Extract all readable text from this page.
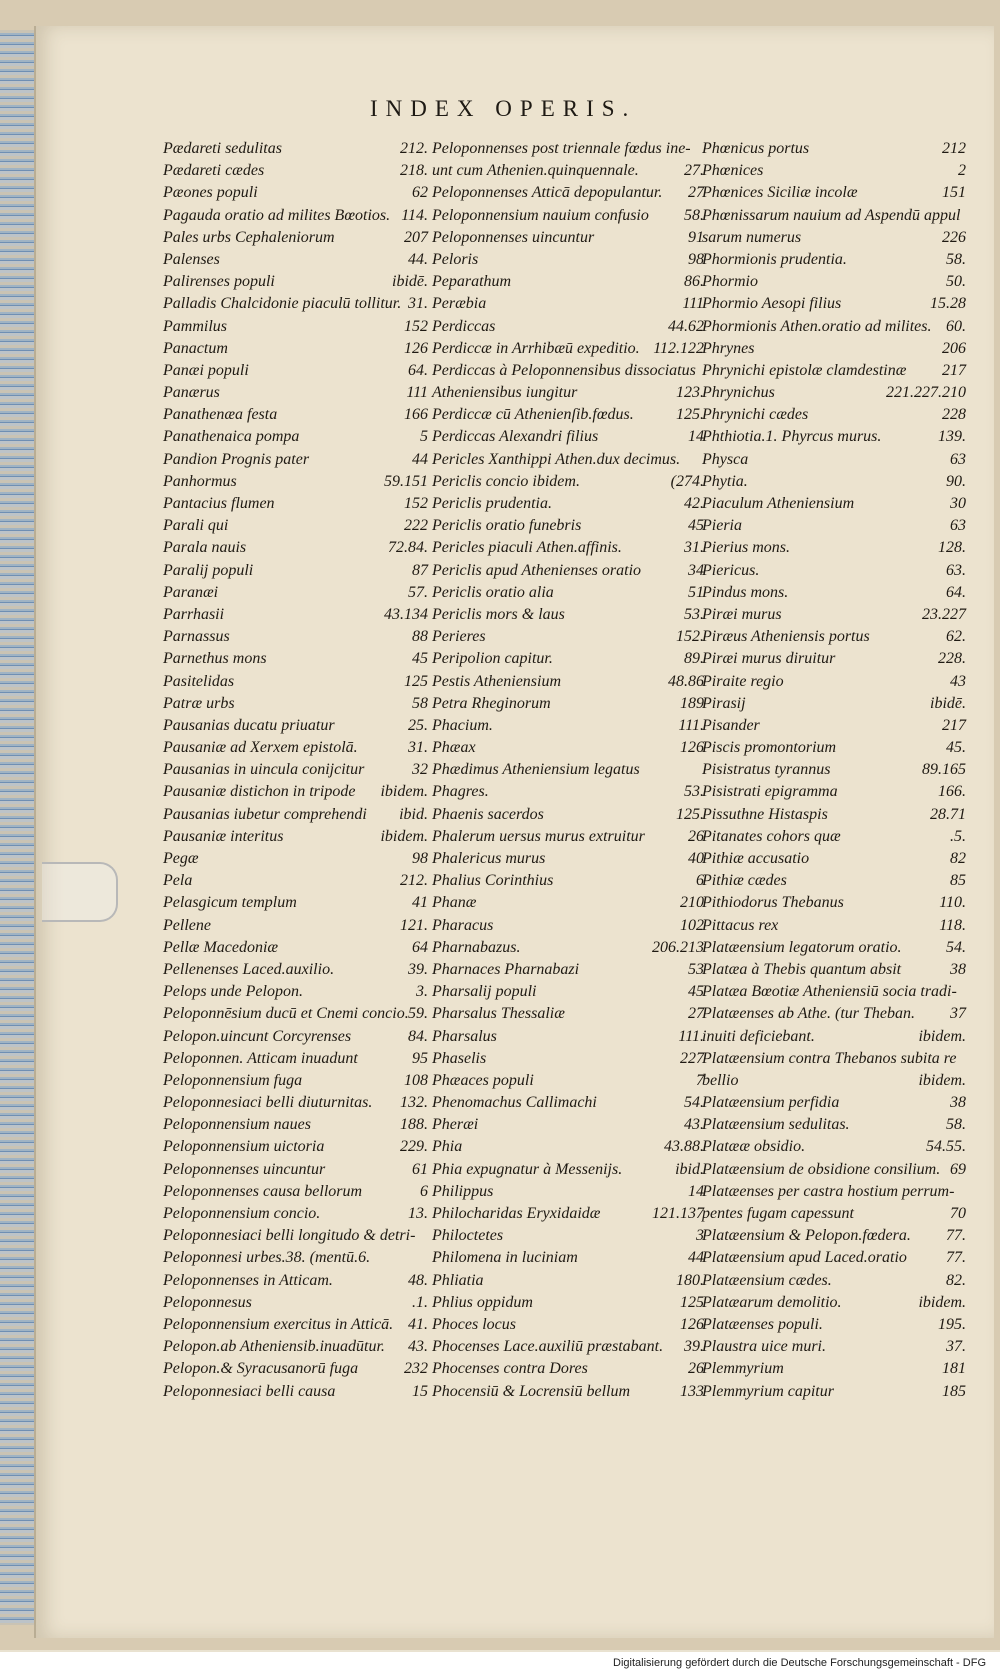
INDEX OPERIS.
Pædareti sedulitas	212.
Pædareti cædes	218.
Pæones populi	62
Pagauda oratio ad milites Bœotios. 114.
Pales urbs Cephaleniorum	207
Palenses	44.
Palirenses populi	ibidē.
Palladis Chalcidonie piaculū tollitur. 31.
Pammilus	152
Panactum	126
Panæi populi	64.
Panærus	111
Panathenæa festa	166
Panathenaica pompa	5
Pandion Prognis pater	44
Panhormus	59.151
Pantacius flumen	152
Parali qui	222
Parala nauis	72.84.
Paralij populi	87
Paranæi	57.
Parrhasii	43.134
Parnassus	88
Parnethus mons	45
Pasitelidas	125
Patræ urbs	58
Pausanias ducatu priuatur	25.
Pausaniæ ad Xerxem epistolā.	31.
Pausanias in uincula conijcitur	32
Pausaniæ distichon in tripode ibidem.
Pausanias iubetur comprehendi ibid.
Pausaniæ interitus	ibidem.
Pegæ	98
Pela	212.
Pelasgicum templum	41
Pellene	121.
Pellæ Macedoniæ	64
Pellenenses Laced.auxilio.	39.
Pelops unde Pelopon.	3.
Peloponnēsium ducū et Cnemi concio. 59.
Pelopon.uincunt Corcyrenses	84.
Peloponnen. Atticam inuadunt	95
Peloponnensium fuga	108
Peloponnesiaci belli diuturnitas. 132.
Peloponnensium naues	188.
Peloponnensium uictoria	229.
Peloponnenses uincuntur	61
Peloponnenses causa bellorum	6
Peloponnensium concio.	13.
Peloponnesiaci belli longitudo & detri-
Peloponnesi urbes.38. (mentū.6.
Peloponnenses in Atticam.	48.
Peloponnesus	.1.
Peloponnensium exercitus in Atticā. 41.
Pelopon.ab Atheniensib.inuadūtur. 43.
Pelopon.& Syracusanorū fuga	232
Peloponnesiaci belli causa	15
Peloponnenses post triennale fœdus ine-
unt cum Athenien.quinquennale.	27.
Peloponnenses Atticā depopulantur. 27
Peloponnensium nauium confusio 58.
Peloponnenses uincuntur	91
Peloris	98
Peparathum	86.
Peræbia	111
Perdiccas	44.62
Perdiccæ in Arrhibæū expeditio. 112.122
Perdiccas à Peloponnensibus dissociatus
Atheniensibus iungitur	123.
Perdiccæ cū Athenienſib.fœdus.	125.
Perdiccas Alexandri filius	14
Pericles Xanthippi Athen.dux decimus.
Periclis concio ibidem.	(274.
Periclis prudentia.	42.
Periclis oratio funebris	45
Pericles piaculi Athen.affinis.	31.
Periclis apud Athenienses oratio	34
Periclis oratio alia	51
Periclis mors & laus	53.
Perieres	152.
Peripolion capitur.	89.
Pestis Atheniensium	48.86
Petra Rheginorum	189
Phacium.	111.
Phæax	126
Phædimus Atheniensium legatus
Phagres.	53.
Phaenis sacerdos	125.
Phalerum uersus murus extruitur	26
Phalericus murus	40
Phalius Corinthius	6
Phanæ	210
Pharacus	102
Pharnabazus.	206.213
Pharnaces Pharnabazi	53
Pharsalij populi	45
Pharsalus Thessaliæ	27
Pharsalus	111.
Phaselis	227
Phæaces populi	7
Phenomachus Callimachi	54.
Pheræi	43.
Phia	43.88.
Phia expugnatur à Messenijs.	ibid.
Philippus	14
Philocharidas Eryxidaidæ	121.137
Philoctetes	3
Philomena in luciniam	44
Phliatia	180.
Phlius oppidum	125
Phoces locus	126
Phocenses Lace.auxiliū præstabant. 39.
Phocenses contra Dores	26
Phocensiū & Locrensiū bellum	133
Phœnicus portus	212
Phœnices	2
Phœnices Siciliæ incolæ	151
Phœnissarum nauium ad Aspendū appul
sarum numerus	226
Phormionis prudentia.	58.
Phormio	50.
Phormio Aesopi filius	15.28
Phormionis Athen.oratio ad milites. 60.
Phrynes	206
Phrynichi epistolæ clamdestinæ 217
Phrynichus	221.227.210
Phrynichi cædes	228
Phthiotia.1. Phyrcus murus.	139.
Physca	63
Phytia.	90.
Piaculum Atheniensium	30
Pieria	63
Pierius mons.	128.
Piericus.	63.
Pindus mons.	64.
Piræi murus	23.227
Piræus Atheniensis portus	62.
Piræi murus diruitur	228.
Piraite regio	43
Pirasij	ibidē.
Pisander	217
Piscis promontorium	45.
Pisistratus tyrannus	89.165
Pisistrati epigramma	166.
Pissuthne Histaspis	28.71
Pitanates cohors quæ	.5.
Pithiæ accusatio	82
Pithiæ cædes	85
Pithiodorus Thebanus	110.
Pittacus rex	118.
Platæensium legatorum oratio.	54.
Platæa à Thebis quantum absit	38
Platæa Bœotiæ Atheniensiū socia tradi-
Platæenses ab Athe. (tur Theban. 37
inuiti deficiebant.	ibidem.
Platæensium contra Thebanos subita re
bellio	ibidem.
Platæensium perfidia	38
Platæensium sedulitas.	58.
Platææ obsidio.	54.55.
Platæensium de obsidione consilium. 69
Platæenses per castra hostium perrum-
pentes fugam capessunt	70
Platæensium & Pelopon.fœdera. 77.
Platæensium apud Laced.oratio 77.
Platæensium cædes.	82.
Platæarum demolitio.	ibidem.
Platæenses populi.	195.
Plaustra uice muri.	37.
Plemmyrium	181
Plemmyrium capitur	185
Digitalisierung gefördert durch die Deutsche Forschungsgemeinschaft - DFG
